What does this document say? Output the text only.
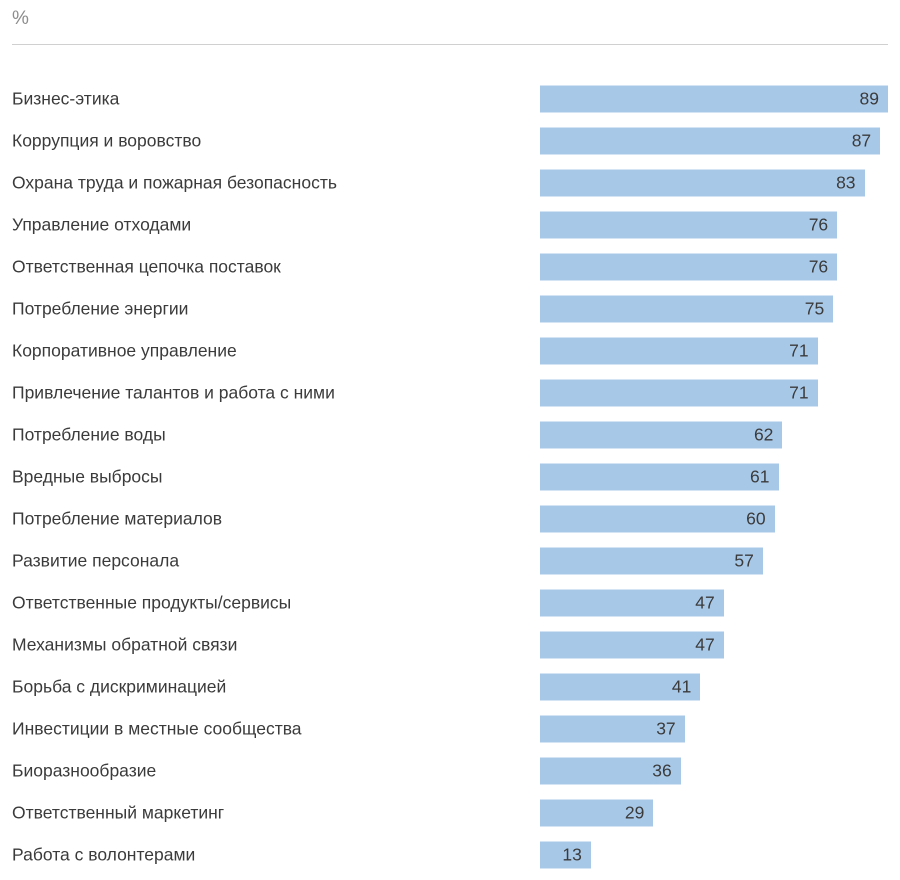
%
Бизнес-этика	89
Коррупция и воровство	87
Охрана труда и пожарная безопасность	83
Управление отходами	76
Ответственная цепочка поставок	76
Потребление энергии	75
Корпоративное управление	71
Привлечение талантов и работа с ними	71
Потребление воды	62
Вредные выбросы	61
Потребление материалов	60
Развитие персонала	57
Ответственные продукты/сервисы	47
Механизмы обратной связи	47
Борьба с дискриминацией	41
Инвестиции в местные сообщества	37
Биоразнообразие	36
Ответственный маркетинг	29
Работа с волонтерами	13
